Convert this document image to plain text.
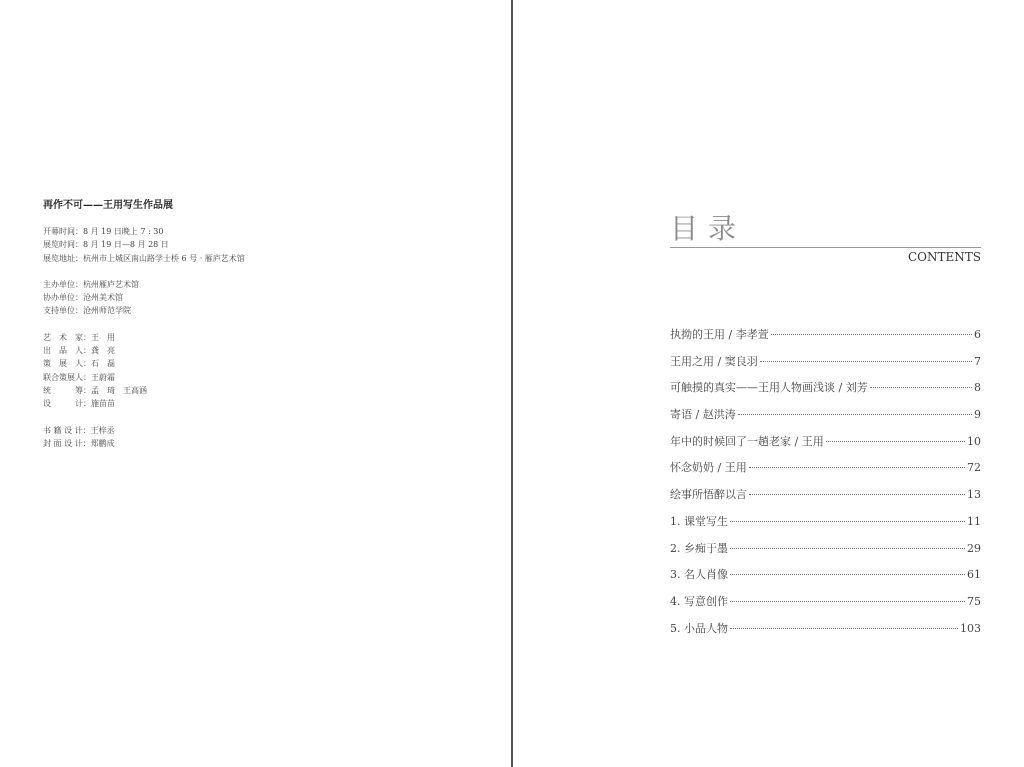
再作不可——王用写生作品展
开幕时间：8 月 19 日晚上 7 : 30
展览时间：8 月 19 日—8 月 28 日
展览地址：杭州市上城区南山路学士桥 6 号 · 雁庐艺术馆
主办单位：杭州雁庐艺术馆
协办单位：沧州美术馆
支持单位：沧州师范学院
艺　术　家：王　用
出　品　人：龚　亮
策　展　人：石　磊
联合策展人：王蔚霜
统　　　筹：孟　琦　王高涵
设　　　计：施苗苗
书 籍 设 计：王梓丞
封 面 设 计：郑鹏成
目录
CONTENTS
执拗的王用 / 李孝萱	6
王用之用 / 窦良羽	7
可触摸的真实——王用人物画浅谈 / 刘芳	8
寄语 / 赵洪涛	9
年中的时候回了一趟老家 / 王用	10
怀念奶奶 / 王用	72
绘事所悟醉以言	13
1. 课堂写生	11
2. 乡痴于墨	29
3. 名人肖像	61
4. 写意创作	75
5. 小品人物	103
